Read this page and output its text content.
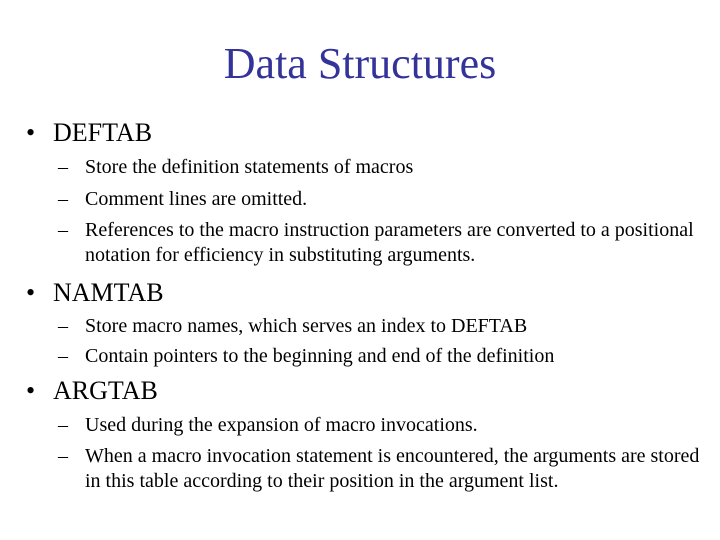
Data Structures
• DEFTAB
– Store the definition statements of macros
– Comment lines are omitted.
– References to the macro instruction parameters are converted to a positional notation for efficiency in substituting arguments.
• NAMTAB
– Store macro names, which serves an index to DEFTAB
– Contain pointers to the beginning and end of the definition
• ARGTAB
– Used during the expansion of macro invocations.
– When a macro invocation statement is encountered, the arguments are stored in this table according to their position in the argument list.
